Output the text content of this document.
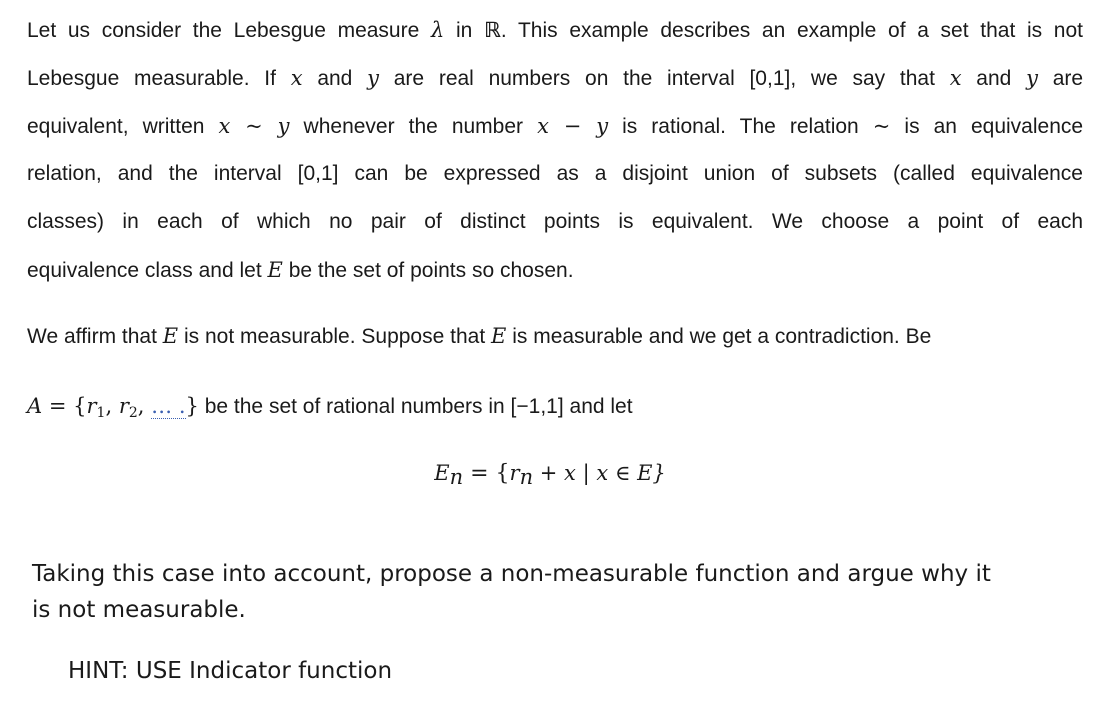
Let us consider the Lebesgue measure λ in ℝ. This example describes an example of a set that is not
Lebesgue measurable. If x and y are real numbers on the interval [0,1], we say that x and y are
equivalent, written x ~ y whenever the number x − y is rational. The relation ~ is an equivalence
relation, and the interval [0,1] can be expressed as a disjoint union of subsets (called equivalence
classes) in each of which no pair of distinct points is equivalent. We choose a point of each
equivalence class and let E be the set of points so chosen.
We affirm that E is not measurable. Suppose that E is measurable and we get a contradiction. Be
$A = \{r_1$, $r_2$, … .} be the set of rational numbers in [−1,1] and let
$E_n = \{r_n + x$ | x ∈ E}
Taking this case into account, propose a non-measurable function and argue why it
is not measurable.
HINT: USE Indicator function
